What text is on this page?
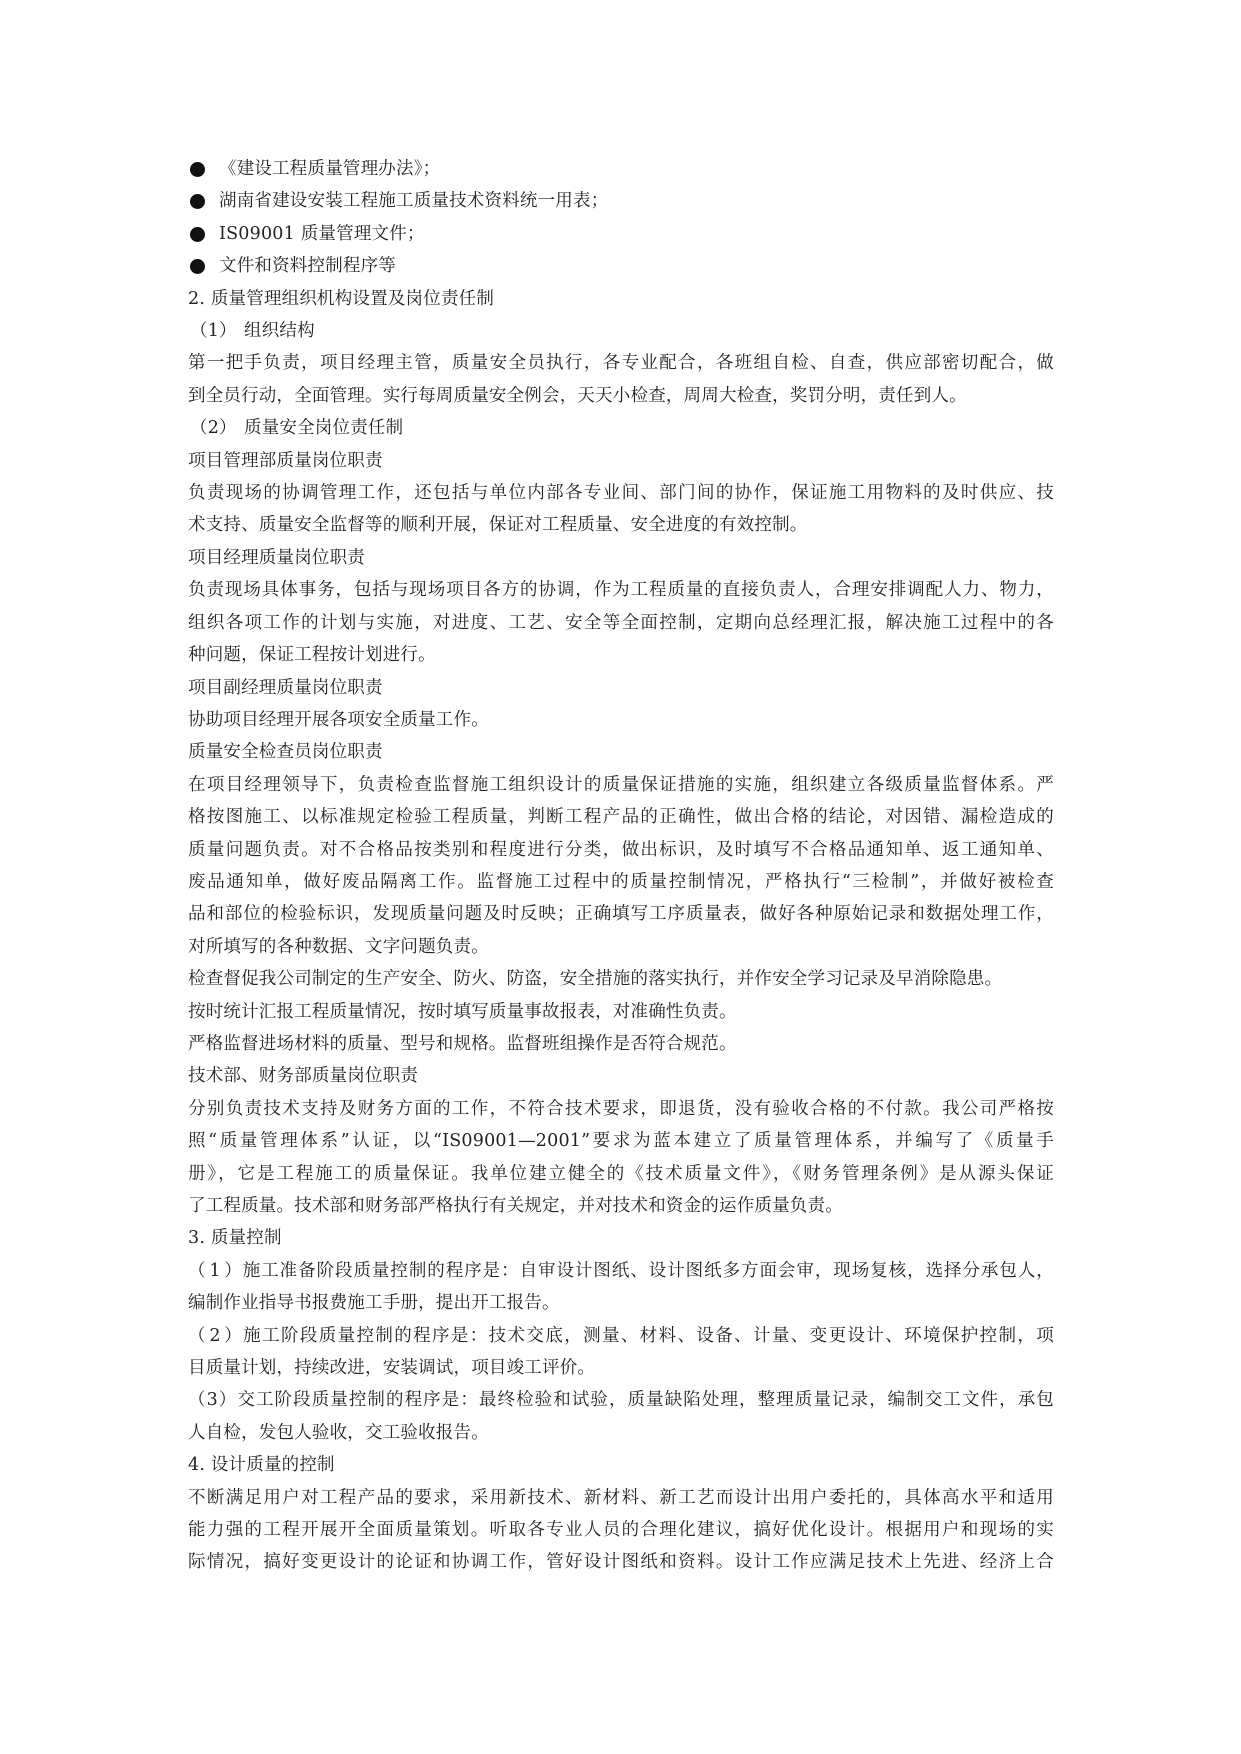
《建设工程质量管理办法》；
湖南省建设安装工程施工质量技术资料统一用表；
IS09001 质量管理文件；
文件和资料控制程序等
2. 质量管理组织机构设置及岗位责任制
（1） 组织结构
第一把手负责，项目经理主管，质量安全员执行，各专业配合，各班组自检、自查，供应部密切配合，做
到全员行动，全面管理。实行每周质量安全例会，天天小检查，周周大检查，奖罚分明，责任到人。
（2） 质量安全岗位责任制
项目管理部质量岗位职责
负责现场的协调管理工作，还包括与单位内部各专业间、部门间的协作，保证施工用物料的及时供应、技
术支持、质量安全监督等的顺利开展，保证对工程质量、安全进度的有效控制。
项目经理质量岗位职责
负责现场具体事务，包括与现场项目各方的协调，作为工程质量的直接负责人，合理安排调配人力、物力，
组织各项工作的计划与实施，对进度、工艺、安全等全面控制，定期向总经理汇报，解决施工过程中的各
种问题，保证工程按计划进行。
项目副经理质量岗位职责
协助项目经理开展各项安全质量工作。
质量安全检查员岗位职责
在项目经理领导下，负责检查监督施工组织设计的质量保证措施的实施，组织建立各级质量监督体系。严
格按图施工、以标准规定检验工程质量，判断工程产品的正确性，做出合格的结论，对因错、漏检造成的
质量问题负责。对不合格品按类别和程度进行分类，做出标识，及时填写不合格品通知单、返工通知单、
废品通知单，做好废品隔离工作。监督施工过程中的质量控制情况，严格执行“三检制”，并做好被检查
品和部位的检验标识，发现质量问题及时反映；正确填写工序质量表，做好各种原始记录和数据处理工作，
对所填写的各种数据、文字问题负责。
检查督促我公司制定的生产安全、防火、防盗，安全措施的落实执行，并作安全学习记录及早消除隐患。
按时统计汇报工程质量情况，按时填写质量事故报表，对准确性负责。
严格监督进场材料的质量、型号和规格。监督班组操作是否符合规范。
技术部、财务部质量岗位职责
分别负责技术支持及财务方面的工作，不符合技术要求，即退货，没有验收合格的不付款。我公司严格按
照“质量管理体系”认证，以“IS09001—2001”要求为蓝本建立了质量管理体系，并编写了《质量手
册》，它是工程施工的质量保证。我单位建立健全的《技术质量文件》，《财务管理条例》是从源头保证
了工程质量。技术部和财务部严格执行有关规定，并对技术和资金的运作质量负责。
3. 质量控制
（1）施工准备阶段质量控制的程序是：自审设计图纸、设计图纸多方面会审，现场复核，选择分承包人，
编制作业指导书报费施工手册，提出开工报告。
（2）施工阶段质量控制的程序是：技术交底，测量、材料、设备、计量、变更设计、环境保护控制，项
目质量计划，持续改进，安装调试，项目竣工评价。
（3）交工阶段质量控制的程序是：最终检验和试验，质量缺陷处理，整理质量记录，编制交工文件，承包
人自检，发包人验收，交工验收报告。
4. 设计质量的控制
不断满足用户对工程产品的要求，采用新技术、新材料、新工艺而设计出用户委托的，具体高水平和适用
能力强的工程开展开全面质量策划。听取各专业人员的合理化建议，搞好优化设计。根据用户和现场的实
际情况，搞好变更设计的论证和协调工作，管好设计图纸和资料。设计工作应满足技术上先进、经济上合
